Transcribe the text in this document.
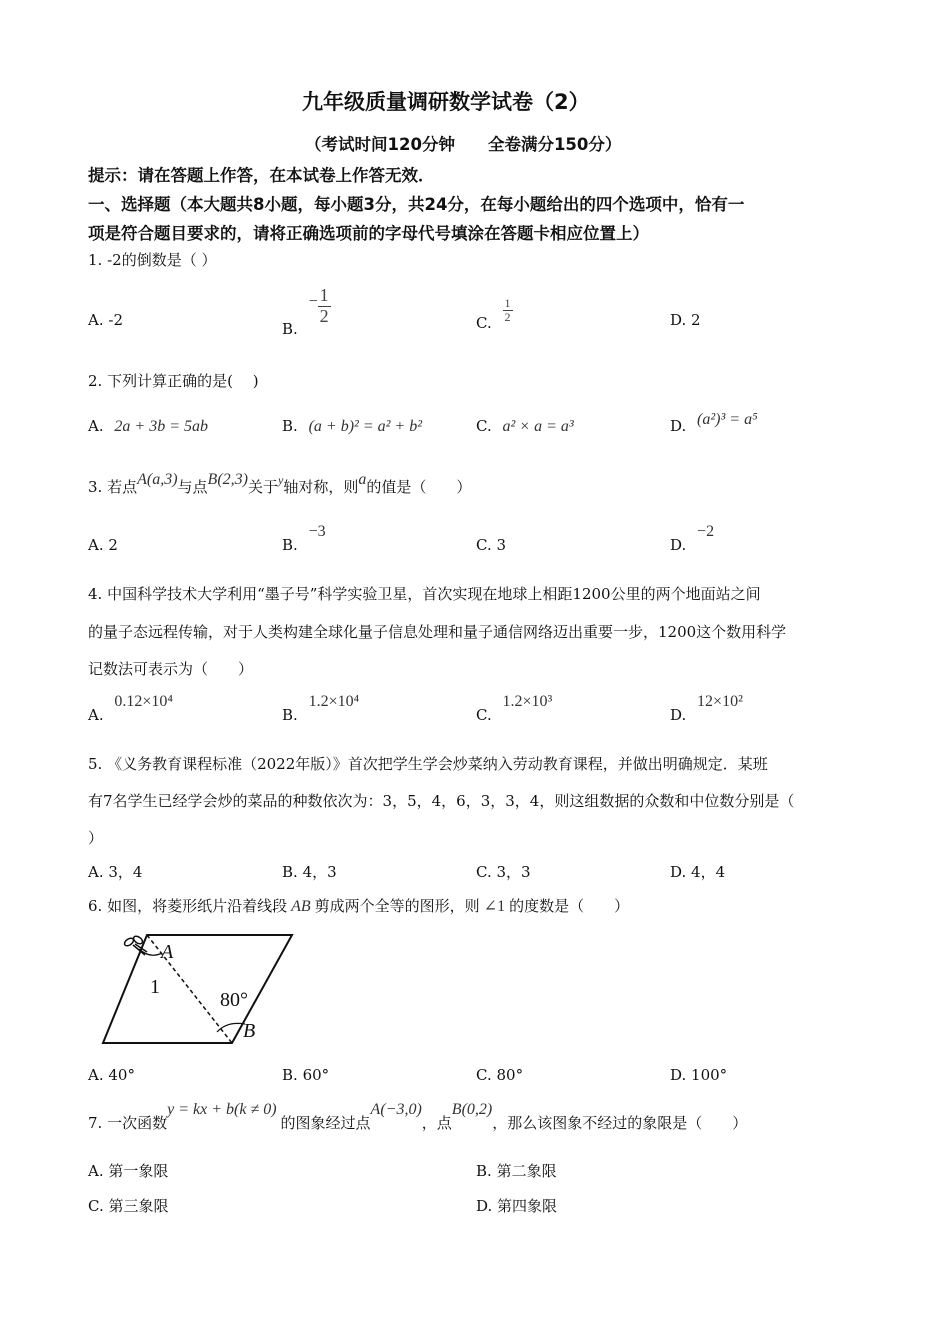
九年级质量调研数学试卷（2）
（考试时间120分钟　　全卷满分150分）
提示：请在答题上作答，在本试卷上作答无效．
一、选择题（本大题共8小题，每小题3分，共24分，在每小题给出的四个选项中，恰有一
项是符合题目要求的，请将正确选项前的字母代号填涂在答题卡相应位置上）
1. -2的倒数是（ ）
A. -2
B. − $\frac{1}{2}$	C. $\frac{1}{2}$	D. 2
2. 下列计算正确的是(　 )
A. 2a + 3b = 5ab	B. (a + b)² = a² + b²	C. a² × a = a³	D. (a²)³ = a⁵
3. 若点A(a,3)与点B(2,3)关于y轴对称，则a的值是（　　）
A. 2	B. −3
C. 3	D. −2
4. 中国科学技术大学利用“墨子号”科学实验卫星，首次实现在地球上相距1200公里的两个地面站之间
的量子态远程传输，对于人类构建全球化量子信息处理和量子通信网络迈出重要一步，1200这个数用科学
记数法可表示为（　　）
A. 0.12×10⁴
B. 1.2×10⁴
C. 1.2×10³
D. 12×10²
5. 《义务教育课程标准（2022年版）》首次把学生学会炒菜纳入劳动教育课程，并做出明确规定．某班
有7名学生已经学会炒的菜品的种数依次为：3，5，4，6，3，3，4，则这组数据的众数和中位数分别是（
）
A. 3，4	B. 4，3	C. 3，3	D. 4，4
6. 如图，将菱形纸片沿着线段 AB 剪成两个全等的图形，则 ∠1 的度数是（　　）
A
1
80°
B
A. 40°	B. 60°	C. 80°	D. 100°
7. 一次函数y = kx + b(k ≠ 0)的图象经过点A(−3,0)，点B(0,2)，那么该图象不经过的象限是（　　）
A. 第一象限	B. 第二象限
C. 第三象限	D. 第四象限
